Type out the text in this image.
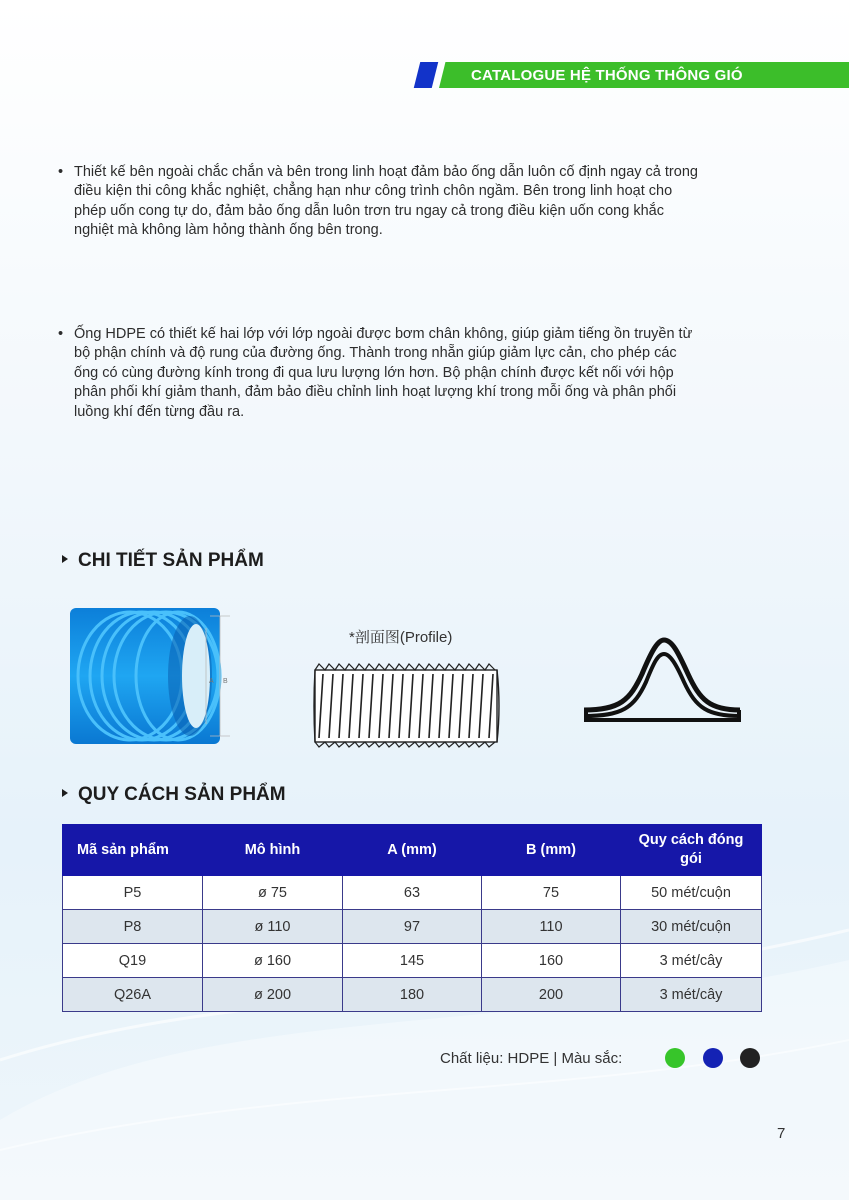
CATALOGUE HỆ THỐNG THÔNG GIÓ
• Thiết kế bên ngoài chắc chắn và bên trong linh hoạt đảm bảo ống dẫn luôn cố định ngay cả trong điều kiện thi công khắc nghiệt, chẳng hạn như công trình chôn ngầm. Bên trong linh hoạt cho phép uốn cong tự do, đảm bảo ống dẫn luôn trơn tru ngay cả trong điều kiện uốn cong khắc nghiệt mà không làm hỏng thành ống bên trong.
• Ống HDPE có thiết kế hai lớp với lớp ngoài được bơm chân không, giúp giảm tiếng ồn truyền từ bộ phận chính và độ rung của đường ống. Thành trong nhẵn giúp giảm lực cản, cho phép các ống có cùng đường kính trong đi qua lưu lượng lớn hơn. Bộ phận chính được kết nối với hộp phân phối khí giảm thanh, đảm bảo điều chỉnh linh hoạt lượng khí trong mỗi ống và phân phối luồng khí đến từng đầu ra.
CHI TIẾT SẢN PHẨM
A B
*剖面图(Profile)
QUY CÁCH SẢN PHẨM
Mã sản phẩm	Mô hình	A (mm)	B (mm)	Quy cách đóng gói
P5	ø 75	63	75	50 mét/cuộn
P8	ø 110	97	110	30 mét/cuộn
Q19	ø 160	145	160	3 mét/cây
Q26A	ø 200	180	200	3 mét/cây
Chất liệu: HDPE | Màu sắc:
7
